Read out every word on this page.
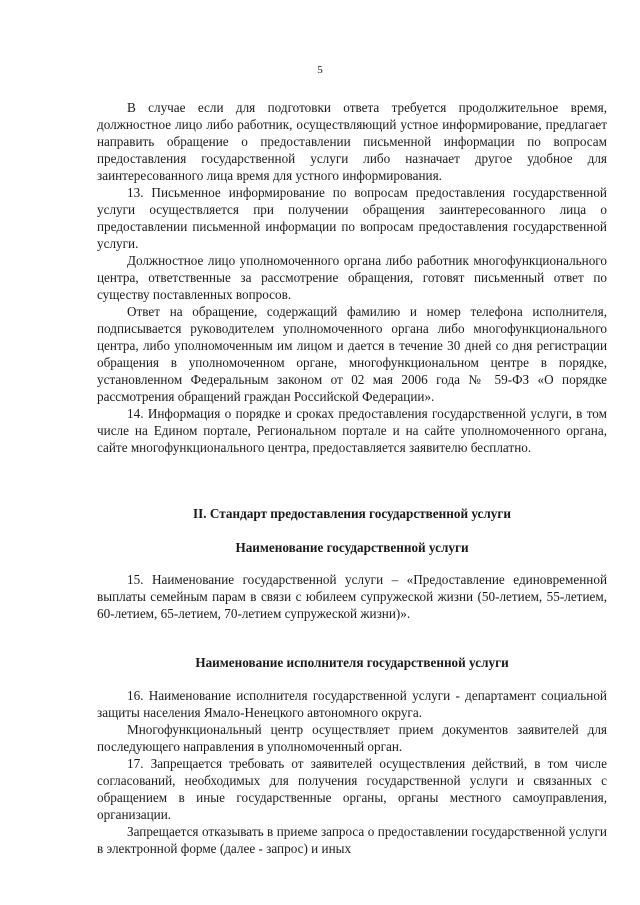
5

В случае если для подготовки ответа требуется продолжительное время, должностное лицо либо работник, осуществляющий устное информирование, предлагает направить обращение о предоставлении письменной информации по вопросам предоставления государственной услуги либо назначает другое удобное для заинтересованного лица время для устного информирования.

13. Письменное информирование по вопросам предоставления государственной услуги осуществляется при получении обращения заинтересованного лица о предоставлении письменной информации по вопросам предоставления государственной услуги.

Должностное лицо уполномоченного органа либо работник многофункционального центра, ответственные за рассмотрение обращения, готовят письменный ответ по существу поставленных вопросов.

Ответ на обращение, содержащий фамилию и номер телефона исполнителя, подписывается руководителем уполномоченного органа либо многофункционального центра, либо уполномоченным им лицом и дается в течение 30 дней со дня регистрации обращения в уполномоченном органе, многофункциональном центре в порядке, установленном Федеральным законом от 02 мая 2006 года № 59-ФЗ «О порядке рассмотрения обращений граждан Российской Федерации».

14. Информация о порядке и сроках предоставления государственной услуги, в том числе на Едином портале, Региональном портале и на сайте уполномоченного органа, сайте многофункционального центра, предоставляется заявителю бесплатно.

II. Стандарт предоставления государственной услуги
Наименование государственной услуги

15. Наименование государственной услуги – «Предоставление единовременной выплаты семейным парам в связи с юбилеем супружеской жизни (50-летием, 55-летием, 60-летием, 65-летием, 70-летием супружеской жизни)».

Наименование исполнителя государственной услуги

16. Наименование исполнителя государственной услуги - департамент социальной защиты населения Ямало-Ненецкого автономного округа.

Многофункциональный центр осуществляет прием документов заявителей для последующего направления в уполномоченный орган.

17. Запрещается требовать от заявителей осуществления действий, в том числе согласований, необходимых для получения государственной услуги и связанных с обращением в иные государственные органы, органы местного самоуправления, организации.

Запрещается отказывать в приеме запроса о предоставлении государственной услуги в электронной форме (далее - запрос) и иных
